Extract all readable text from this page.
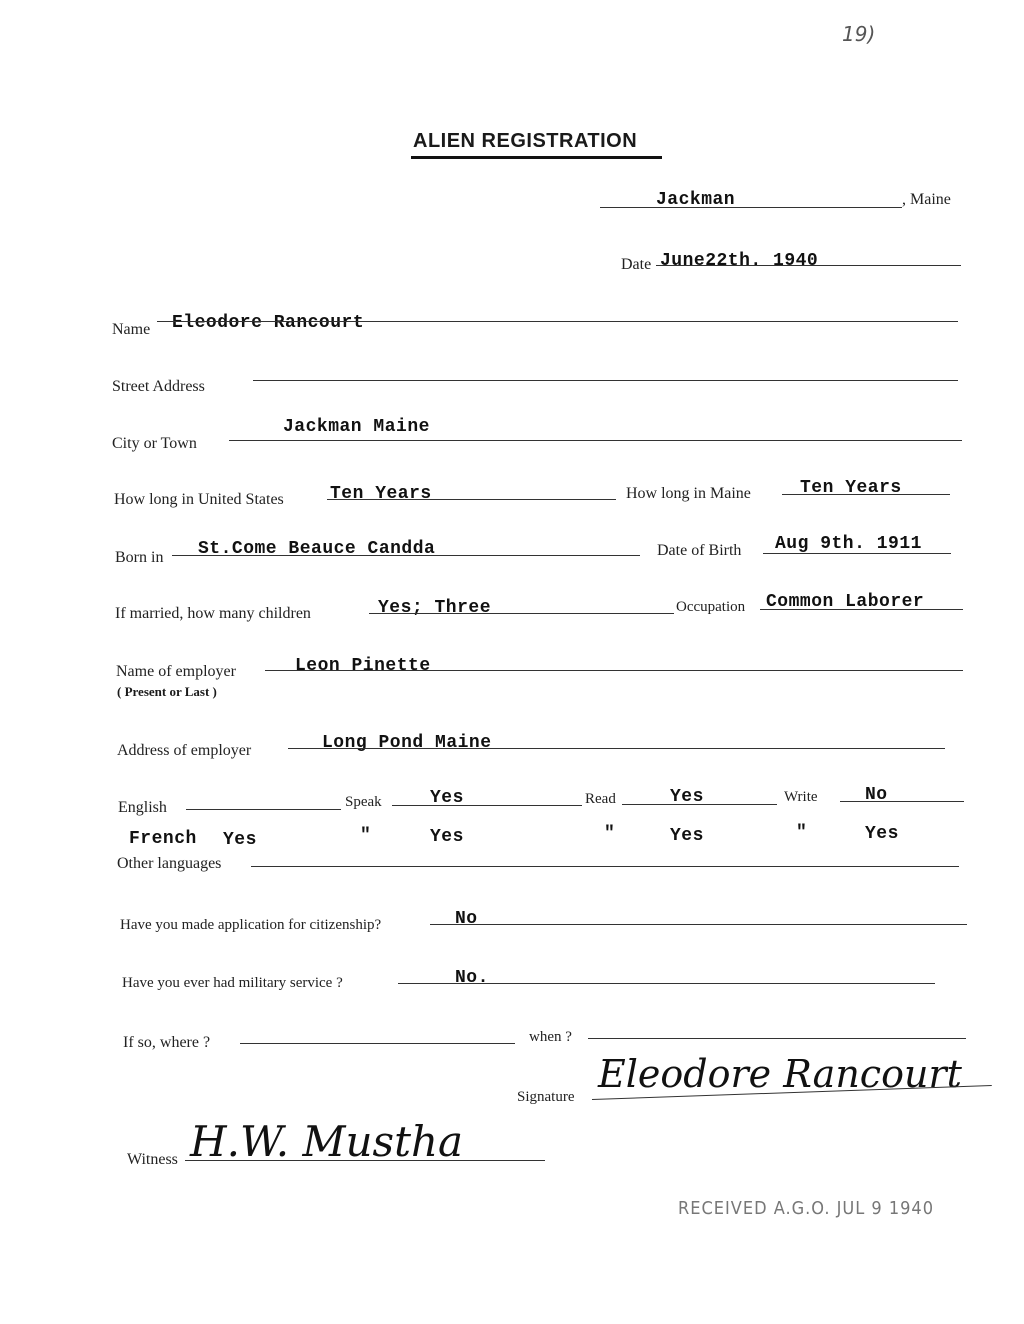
19)
ALIEN REGISTRATION
Jackman	, Maine
Date June22th. 1940
Name Eleodore Rancourt
Street Address
City or Town
Jackman Maine
How long in United States	Ten Years	How long in Maine	Ten Years
Born in St.Come Beauce Candda	Date of Birth Aug 9th. 1911
If married, how many children	Yes; Three	Occupation Common Laborer
Name of employer	Leon Pinette
( Present or Last )
Address of employer	Long Pond Maine
English	Speak	Yes	Read	Yes	Write	No
French Yes	"	Yes	"	Yes	"	Yes
Other languages
Have you made application for citizenship?	No
Have you ever had military service ?	No.
If so, where ?	when ?
Signature
Eleodore Rancourt
Witness H.W. Mustha
RECEIVED A.G.O. JUL 9 1940
